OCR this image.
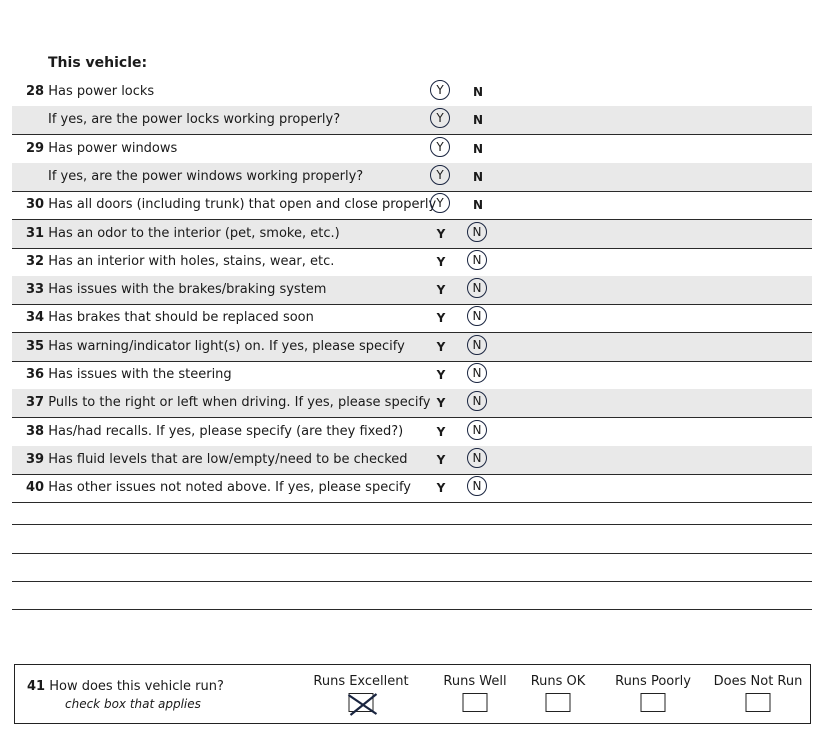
This vehicle:
28 Has power locks	Y	N
If yes, are the power locks working properly?	Y	N
29 Has power windows	Y	N
If yes, are the power windows working properly?	Y	N
30 Has all doors (including trunk) that open and close properly Y	N
31 Has an odor to the interior (pet, smoke, etc.)	Y	N
32 Has an interior with holes, stains, wear, etc.	Y	N
33 Has issues with the brakes/braking system	Y	N
34 Has brakes that should be replaced soon	Y	N
35 Has warning/indicator light(s) on. If yes, please specify	Y	N
36 Has issues with the steering	Y	N
37 Pulls to the right or left when driving. If yes, please specify Y	N
38 Has/had recalls. If yes, please specify (are they fixed?)	Y	N
39 Has fluid levels that are low/empty/need to be checked	Y	N
40 Has other issues not noted above. If yes, please specify	Y	N
41 How does this vehicle run?
check box that applies
Runs Excellent	Runs Well Runs OK Runs Poorly Does Not Run
